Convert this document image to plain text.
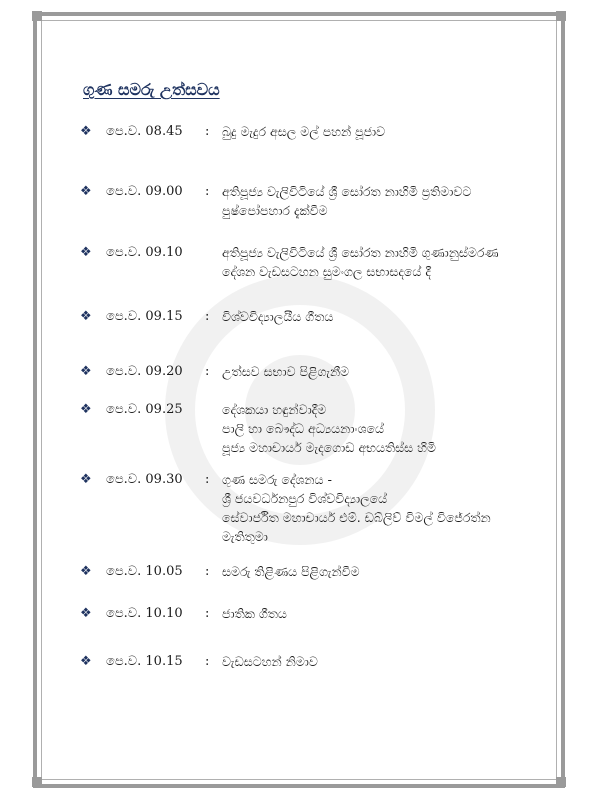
ගුණ සමරු උත්සවය
❖ පෙ.ව. 08.45 : බුදු මැදුර අසල මල් පහන් පූජාව
❖ පෙ.ව. 09.00 : අතිපූජ්‍ය වැලිවිටියේ ශ්‍රී සෝරත නාහිමි ප්‍රතිමාවට
පුෂ්පෝපහාර දැක්වීම
❖ පෙ.ව. 09.10	අතිපූජ්‍ය වැලිවිටියේ ශ්‍රී සෝරත නාහිමි ගුණානුස්මරණ
දේශන වැඩසටහන සුමංගල සභාසදයේ දී
❖ පෙ.ව. 09.15 : විශ්වවිද්‍යාලයීය ගීතය
❖ පෙ.ව. 09.20 : උත්සව සභාව පිළිගැනීම
❖ පෙ.ව. 09.25	දේශකයා හඳුන්වාදීම
පාලි හා බෞද්ධ අධ්‍යයනාංශයේ
පූජ්‍ය මහාචාර්ය මැදගොඩ අභයතිස්ස හිමි
❖ පෙ.ව. 09.30 : ගුණ සමරු දේශනය -
ශ්‍රී ජයවර්ධනපුර විශ්වවිද්‍යාලයේ
සේවාර්ජිත මහාචාර්ය එම්. ඩබ්ලිව් විමල් විජේරත්න
මැතිතුමා
❖ පෙ.ව. 10.05 : සමරු තිළිණය පිළිගැන්වීම
❖ පෙ.ව. 10.10 : ජාතික ගීතය
❖ පෙ.ව. 10.15 : වැඩසටහන් නිමාව
